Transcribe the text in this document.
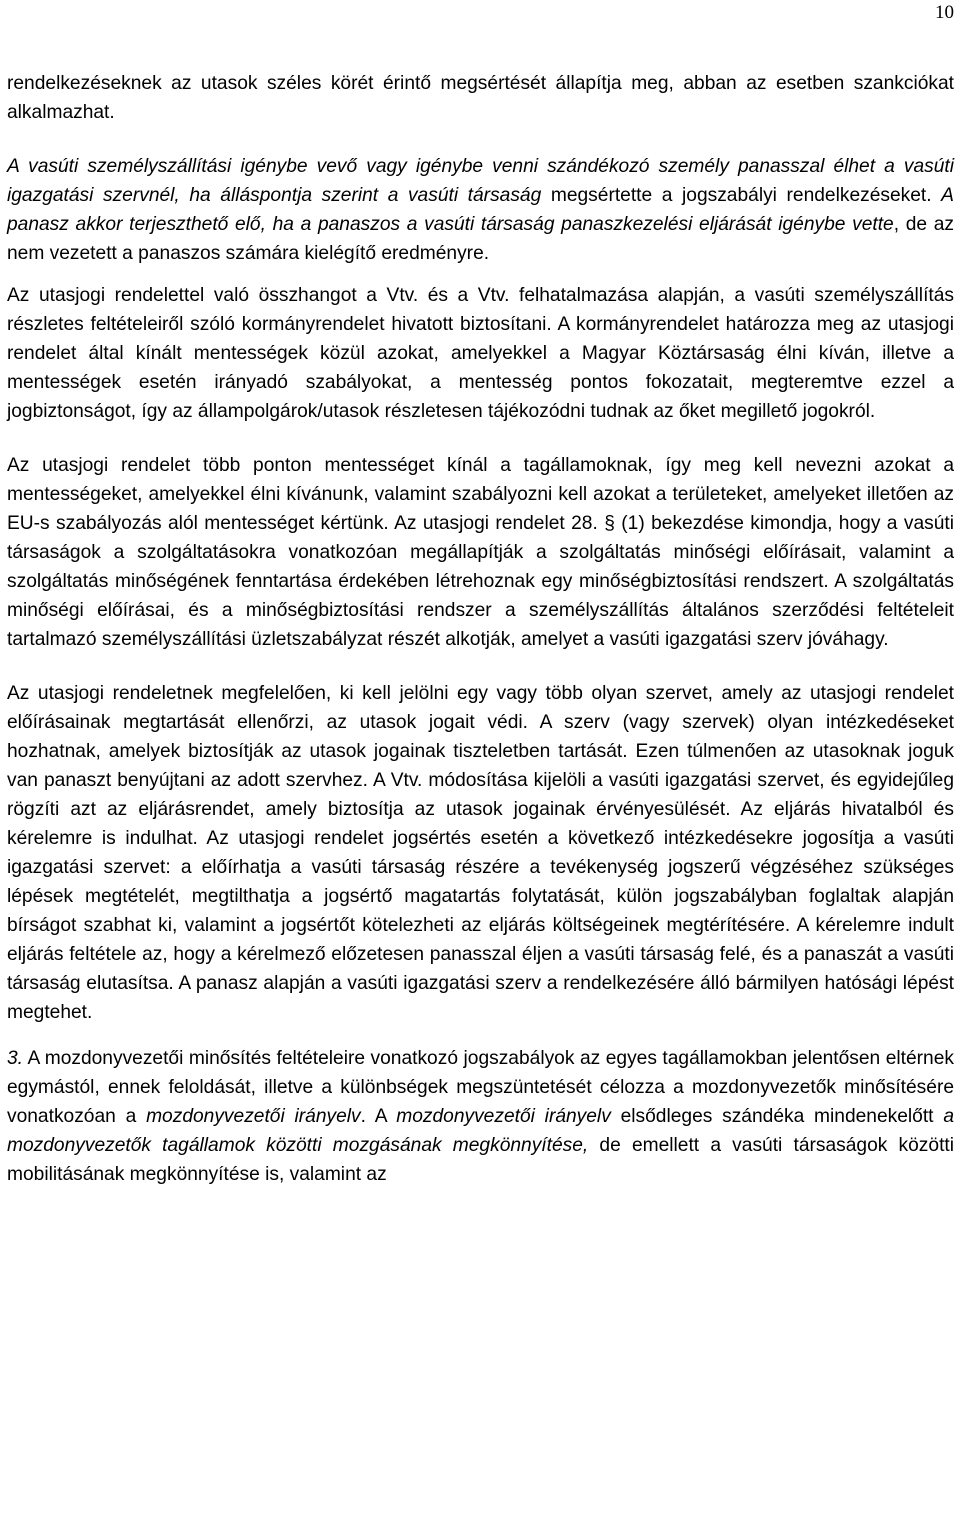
10

rendelkezéseknek az utasok széles körét érintő megsértését állapítja meg, abban az esetben szankciókat alkalmazhat.

A vasúti személyszállítási igénybe vevő vagy igénybe venni szándékozó személy panasszal élhet a vasúti igazgatási szervnél, ha álláspontja szerint a vasúti társaság megsértette a jogszabályi rendelkezéseket. A panasz akkor terjeszthető elő, ha a panaszos a vasúti társaság panaszkezelési eljárását igénybe vette, de az nem vezetett a panaszos számára kielégítő eredményre.

Az utasjogi rendelettel való összhangot a Vtv. és a Vtv. felhatalmazása alapján, a vasúti személyszállítás részletes feltételeiről szóló kormányrendelet hivatott biztosítani. A kormányrendelet határozza meg az utasjogi rendelet által kínált mentességek közül azokat, amelyekkel a Magyar Köztársaság élni kíván, illetve a mentességek esetén irányadó szabályokat, a mentesség pontos fokozatait, megteremtve ezzel a jogbiztonságot, így az állampolgárok/utasok részletesen tájékozódni tudnak az őket megillető jogokról.

Az utasjogi rendelet több ponton mentességet kínál a tagállamoknak, így meg kell nevezni azokat a mentességeket, amelyekkel élni kívánunk, valamint szabályozni kell azokat a területeket, amelyeket illetően az EU-s szabályozás alól mentességet kértünk. Az utasjogi rendelet 28. § (1) bekezdése kimondja, hogy a vasúti társaságok a szolgáltatásokra vonatkozóan megállapítják a szolgáltatás minőségi előírásait, valamint a szolgáltatás minőségének fenntartása érdekében létrehoznak egy minőségbiztosítási rendszert. A szolgáltatás minőségi előírásai, és a minőségbiztosítási rendszer a személyszállítás általános szerződési feltételeit tartalmazó személyszállítási üzletszabályzat részét alkotják, amelyet a vasúti igazgatási szerv jóváhagy.

Az utasjogi rendeletnek megfelelően, ki kell jelölni egy vagy több olyan szervet, amely az utasjogi rendelet előírásainak megtartását ellenőrzi, az utasok jogait védi. A szerv (vagy szervek) olyan intézkedéseket hozhatnak, amelyek biztosítják az utasok jogainak tiszteletben tartását. Ezen túlmenően az utasoknak joguk van panaszt benyújtani az adott szervhez. A Vtv. módosítása kijelöli a vasúti igazgatási szervet, és egyidejűleg rögzíti azt az eljárásrendet, amely biztosítja az utasok jogainak érvényesülését. Az eljárás hivatalból és kérelemre is indulhat. Az utasjogi rendelet jogsértés esetén a következő intézkedésekre jogosítja a vasúti igazgatási szervet: a előírhatja a vasúti társaság részére a tevékenység jogszerű végzéséhez szükséges lépések megtételét, megtilthatja a jogsértő magatartás folytatását, külön jogszabályban foglaltak alapján bírságot szabhat ki, valamint a jogsértőt kötelezheti az eljárás költségeinek megtérítésére. A kérelemre indult eljárás feltétele az, hogy a kérelmező előzetesen panasszal éljen a vasúti társaság felé, és a panaszát a vasúti társaság elutasítsa. A panasz alapján a vasúti igazgatási szerv a rendelkezésére álló bármilyen hatósági lépést megtehet.

3. A mozdonyvezetői minősítés feltételeire vonatkozó jogszabályok az egyes tagállamokban jelentősen eltérnek egymástól, ennek feloldását, illetve a különbségek megszüntetését célozza a mozdonyvezetők minősítésére vonatkozóan a mozdonyvezetői irányelv. A mozdonyvezetői irányelv elsődleges szándéka mindenekelőtt a mozdonyvezetők tagállamok közötti mozgásának megkönnyítése, de emellett a vasúti társaságok közötti mobilitásának megkönnyítése is, valamint az
